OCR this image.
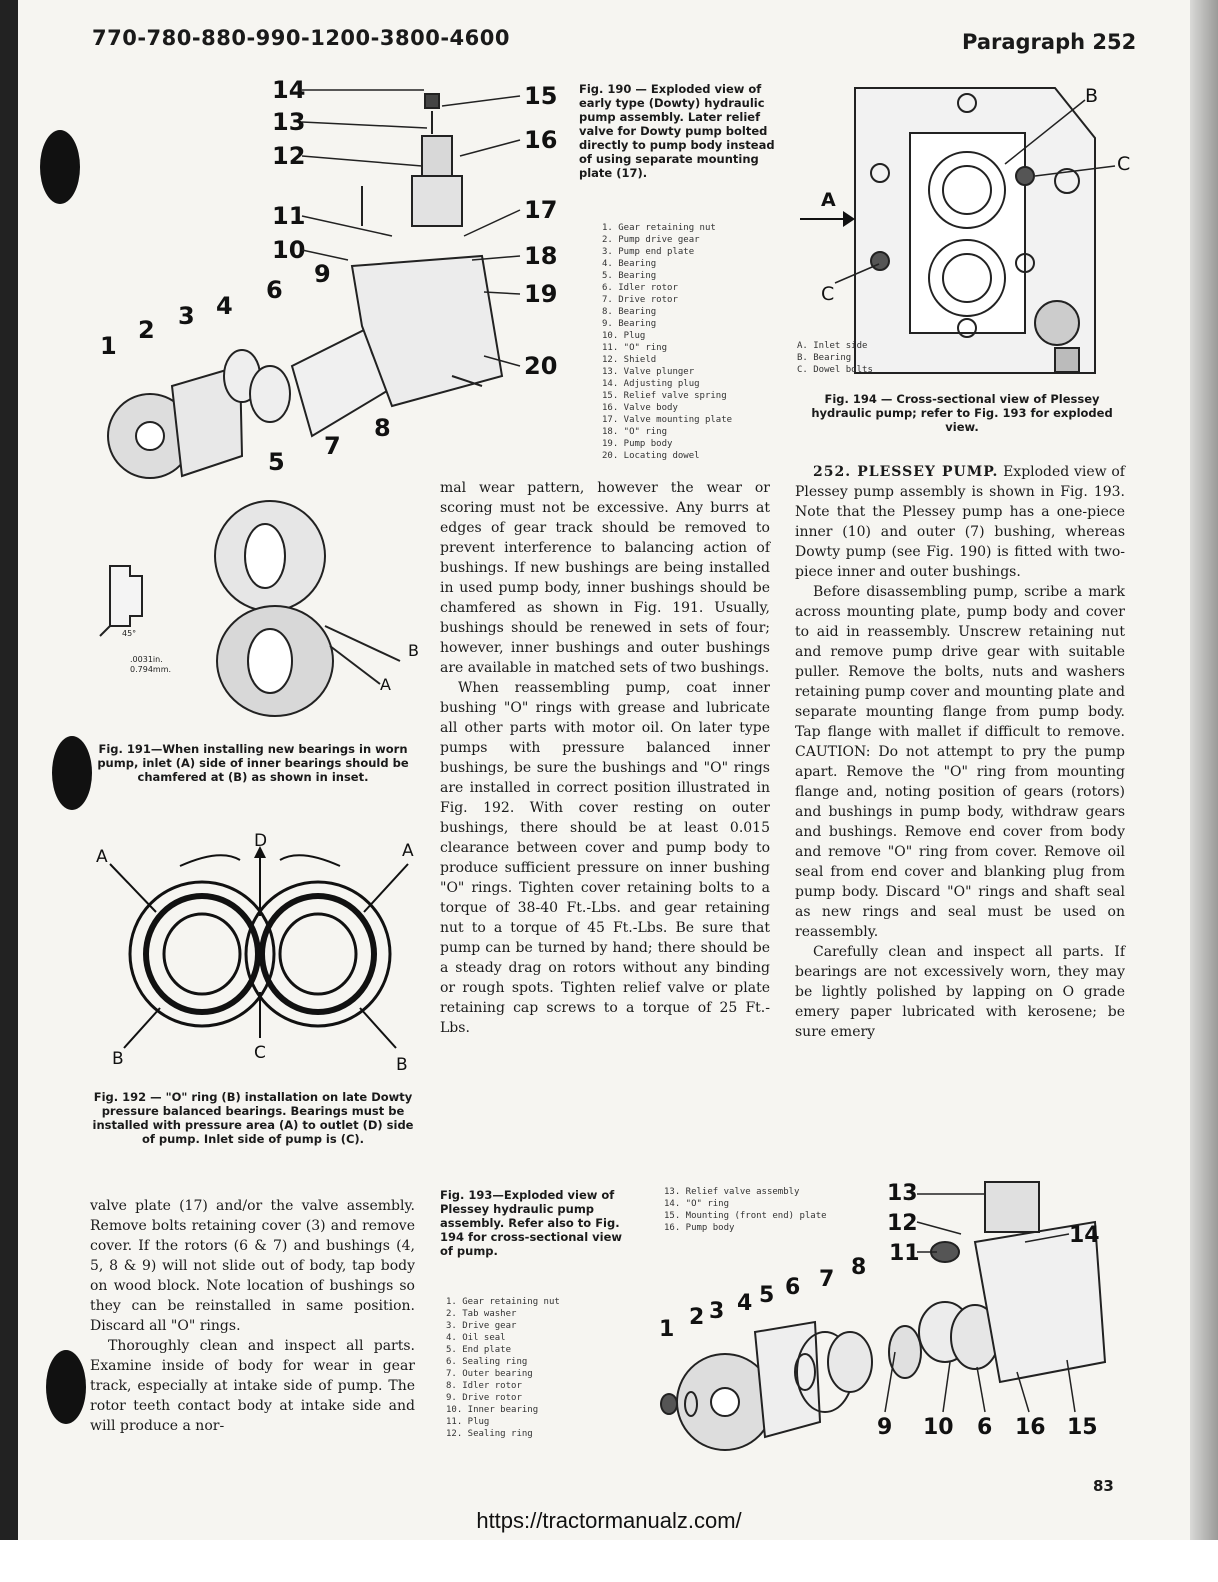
770-780-880-990-1200-3800-4600	Paragraph 252
14
13
12
11
10
9
6
4
3
2
1
5
7
8
15
16
17
18
19
20
Fig. 190 — Exploded view of early type (Dowty) hydraulic pump assembly. Later relief valve for Dowty pump bolted directly to pump body instead of using separate mounting plate (17).
1. Gear retaining nut
2. Pump drive gear
3. Pump end plate
4. Bearing
5. Bearing
6. Idler rotor
7. Drive rotor
8. Bearing
9. Bearing
10. Plug
11. "O" ring
12. Shield
13. Valve plunger
14. Adjusting plug
15. Relief valve spring
16. Valve body
17. Valve mounting plate
18. "O" ring
19. Pump body
20. Locating dowel
A
B
C
C
A. Inlet side
B. Bearing
C. Dowel bolts
Fig. 194 — Cross-sectional view of Plessey hydraulic pump; refer to Fig. 193 for exploded view.
B
A
45°
.0031in.
0.794mm.
Fig. 191—When installing new bearings in worn pump, inlet (A) side of inner bearings should be chamfered at (B) as shown in inset.
A	A
D
B	B
C
Fig. 192 — "O" ring (B) installation on late Dowty pressure balanced bearings. Bearings must be installed with pressure area (A) to outlet (D) side of pump. Inlet side of pump is (C).

valve plate (17) and/or the valve assembly. Remove bolts retaining cover (3) and remove cover. If the rotors (6 & 7) and bushings (4, 5, 8 & 9) will not slide out of body, tap body on wood block. Note location of bushings so they can be reinstalled in same position. Discard all "O" rings.

Thoroughly clean and inspect all parts. Examine inside of body for wear in gear track, especially at intake side of pump. The rotor teeth contact body at intake side and will produce a nor-

mal wear pattern, however the wear or scoring must not be excessive. Any burrs at edges of gear track should be removed to prevent interference to balancing action of bushings. If new bushings are being installed in used pump body, inner bushings should be chamfered as shown in Fig. 191. Usually, bushings should be renewed in sets of four; however, inner bushings and outer bushings are available in matched sets of two bushings.

When reassembling pump, coat inner bushing "O" rings with grease and lubricate all other parts with motor oil. On later type pumps with pressure balanced inner bushings, be sure the bushings and "O" rings are installed in correct position illustrated in Fig. 192. With cover resting on outer bushings, there should be at least 0.015 clearance between cover and pump body to produce sufficient pressure on inner bushing "O" rings. Tighten cover retaining bolts to a torque of 38-40 Ft.-Lbs. and gear retaining nut to a torque of 45 Ft.-Lbs. Be sure that pump can be turned by hand; there should be a steady drag on rotors without any binding or rough spots. Tighten relief valve or plate retaining cap screws to a torque of 25 Ft.-Lbs.

252. PLESSEY PUMP. Exploded view of Plessey pump assembly is shown in Fig. 193. Note that the Plessey pump has a one-piece inner (10) and outer (7) bushing, whereas Dowty pump (see Fig. 190) is fitted with two-piece inner and outer bushings.

Before disassembling pump, scribe a mark across mounting plate, pump body and cover to aid in reassembly. Unscrew retaining nut and remove pump drive gear with suitable puller. Remove the bolts, nuts and washers retaining pump cover and mounting plate and separate mounting flange from pump body. Tap flange with mallet if difficult to remove. CAUTION: Do not attempt to pry the pump apart. Remove the "O" ring from mounting flange and, noting position of gears (rotors) and bushings in pump body, withdraw gears and bushings. Remove end cover from body and remove "O" ring from cover. Remove oil seal from end cover and blanking plug from pump body. Discard "O" rings and shaft seal as new rings and seal must be used on reassembly.

Carefully clean and inspect all parts. If bearings are not excessively worn, they may be lightly polished by lapping on O grade emery paper lubricated with kerosene; be sure emery

Fig. 193—Exploded view of Plessey hydraulic pump assembly. Refer also to Fig. 194 for cross-sectional view of pump.
1. Gear retaining nut
2. Tab washer
3. Drive gear
4. Oil seal
5. End plate
6. Sealing ring
7. Outer bearing
8. Idler rotor
9. Drive rotor
10. Inner bearing
11. Plug
12. Sealing ring
13. Relief valve assembly
14. "O" ring
15. Mounting (front end) plate
16. Pump body
1 2 3 4 5 6 7 8
9 10 6 16 15
11
12
13
14
83
https://tractormanualz.com/
